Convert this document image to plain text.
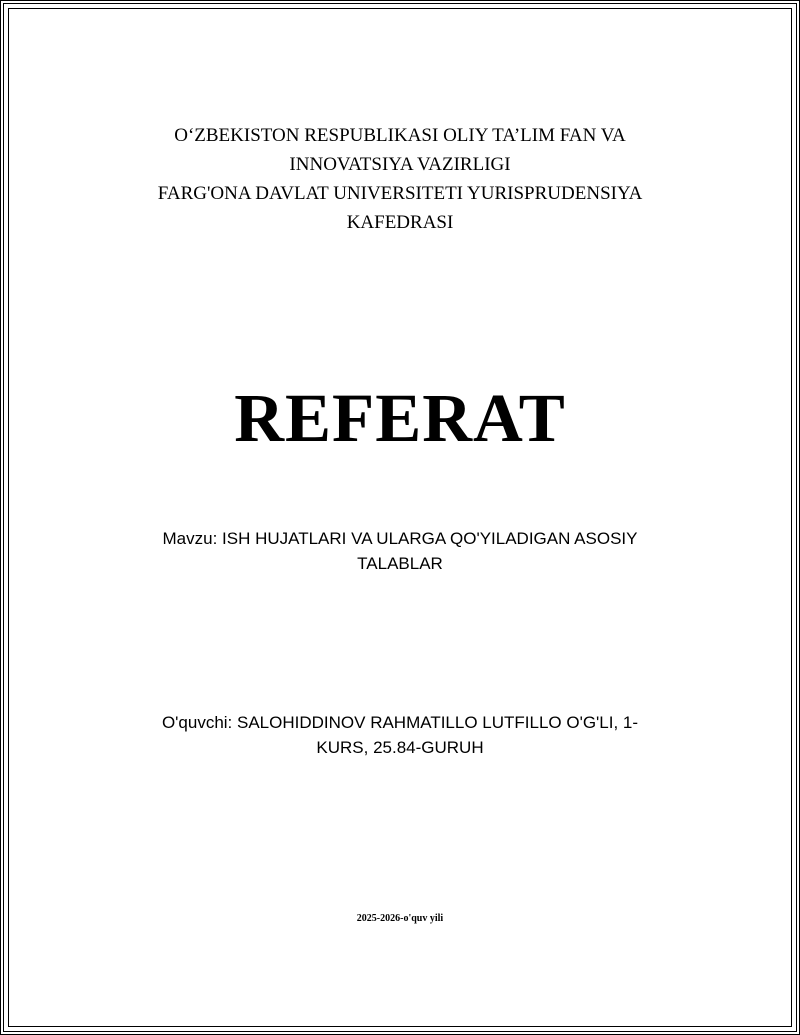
O‘ZBEKISTON RESPUBLIKASI OLIY TA’LIM FAN VA
INNOVATSIYA VAZIRLIGI
FARG'ONA DAVLAT UNIVERSITETI YURISPRUDENSIYA
KAFEDRASI
REFERAT
Mavzu: ISH HUJATLARI VA ULARGA QO'YILADIGAN ASOSIY
TALABLAR
O'quvchi: SALOHIDDINOV RAHMATILLO LUTFILLO O'G'LI, 1-
KURS, 25.84-GURUH
2025-2026-o'quv yili
